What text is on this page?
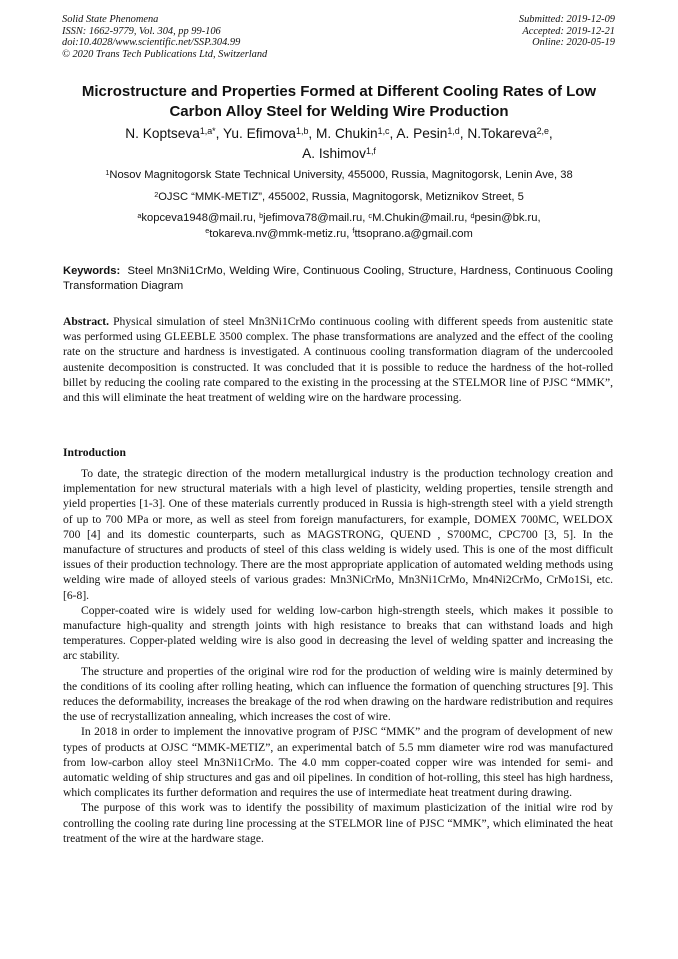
Solid State Phenomena
ISSN: 1662-9779, Vol. 304, pp 99-106
doi:10.4028/www.scientific.net/SSP.304.99
© 2020 Trans Tech Publications Ltd, Switzerland
Submitted: 2019-12-09
Accepted: 2019-12-21
Online: 2020-05-19
Microstructure and Properties Formed at Different Cooling Rates of Low Carbon Alloy Steel for Welding Wire Production
N. Koptseva$^{1,a*}$, Yu. Efimova$^{1,b}$, M. Chukin$^{1,c}$, A. Pesin$^{1,d}$, N.Tokareva$^{2,e}$,
A. Ishimov$^{1,f}$
$^1$Nosov Magnitogorsk State Technical University, 455000, Russia, Magnitogorsk, Lenin Ave, 38
$^2$OJSC “MMK-METIZ”, 455002, Russia, Magnitogorsk, Metiznikov Street, 5
$^a$kopceva1948@mail.ru, $^b$jefimova78@mail.ru, $^c$M.Chukin@mail.ru, $^d$pesin@bk.ru,
$^e$tokareva.nv@mmk-metiz.ru, $^f$ttsoprano.a@gmail.com
Keywords: Steel Mn3Ni1CrMo, Welding Wire, Continuous Cooling, Structure, Hardness, Continuous Cooling Transformation Diagram
Abstract. Physical simulation of steel Mn3Ni1CrMo continuous cooling with different speeds from austenitic state was performed using GLEEBLE 3500 complex. The phase transformations are analyzed and the effect of the cooling rate on the structure and hardness is investigated. A continuous cooling transformation diagram of the undercooled austenite decomposition is constructed. It was concluded that it is possible to reduce the hardness of the hot-rolled billet by reducing the cooling rate compared to the existing in the processing at the STELMOR line of PJSC “MMK”, and this will eliminate the heat treatment of welding wire on the hardware processing.
Introduction

To date, the strategic direction of the modern metallurgical industry is the production technology creation and implementation for new structural materials with a high level of plasticity, welding properties, tensile strength and yield properties [1-3]. One of these materials currently produced in Russia is high-strength steel with a yield strength of up to 700 MPa or more, as well as steel from foreign manufacturers, for example, DOMEX 700MC, WELDOX 700 [4] and its domestic counterparts, such as MAGSTRONG, QUEND , S700MC, CPC700 [3, 5]. In the manufacture of structures and products of steel of this class welding is widely used. This is one of the most difficult issues of their production technology. There are the most appropriate application of automated welding methods using welding wire made of alloyed steels of various grades: Mn3NiCrMo, Mn3Ni1CrMo, Mn4Ni2CrMo, CrMo1Si, etc. [6-8].

Copper-coated wire is widely used for welding low-carbon high-strength steels, which makes it possible to manufacture high-quality and strength joints with high resistance to breaks that can withstand loads and high temperatures. Copper-plated welding wire is also good in decreasing the level of welding spatter and increasing the arc stability.

The structure and properties of the original wire rod for the production of welding wire is mainly determined by the conditions of its cooling after rolling heating, which can influence the formation of quenching structures [9]. This reduces the deformability, increases the breakage of the rod when drawing on the hardware redistribution and requires the use of recrystallization annealing, which increases the cost of wire.

In 2018 in order to implement the innovative program of PJSC “MMK” and the program of development of new types of products at OJSC “MMK-METIZ”, an experimental batch of 5.5 mm diameter wire rod was manufactured from low-carbon alloy steel Mn3Ni1CrMo. The 4.0 mm copper-coated copper wire was intended for semi- and automatic welding of ship structures and gas and oil pipelines. In condition of hot-rolling, this steel has high hardness, which complicates its further deformation and requires the use of intermediate heat treatment during drawing.

The purpose of this work was to identify the possibility of maximum plasticization of the initial wire rod by controlling the cooling rate during line processing at the STELMOR line of PJSC “MMK”, which eliminated the heat treatment of the wire at the hardware stage.
